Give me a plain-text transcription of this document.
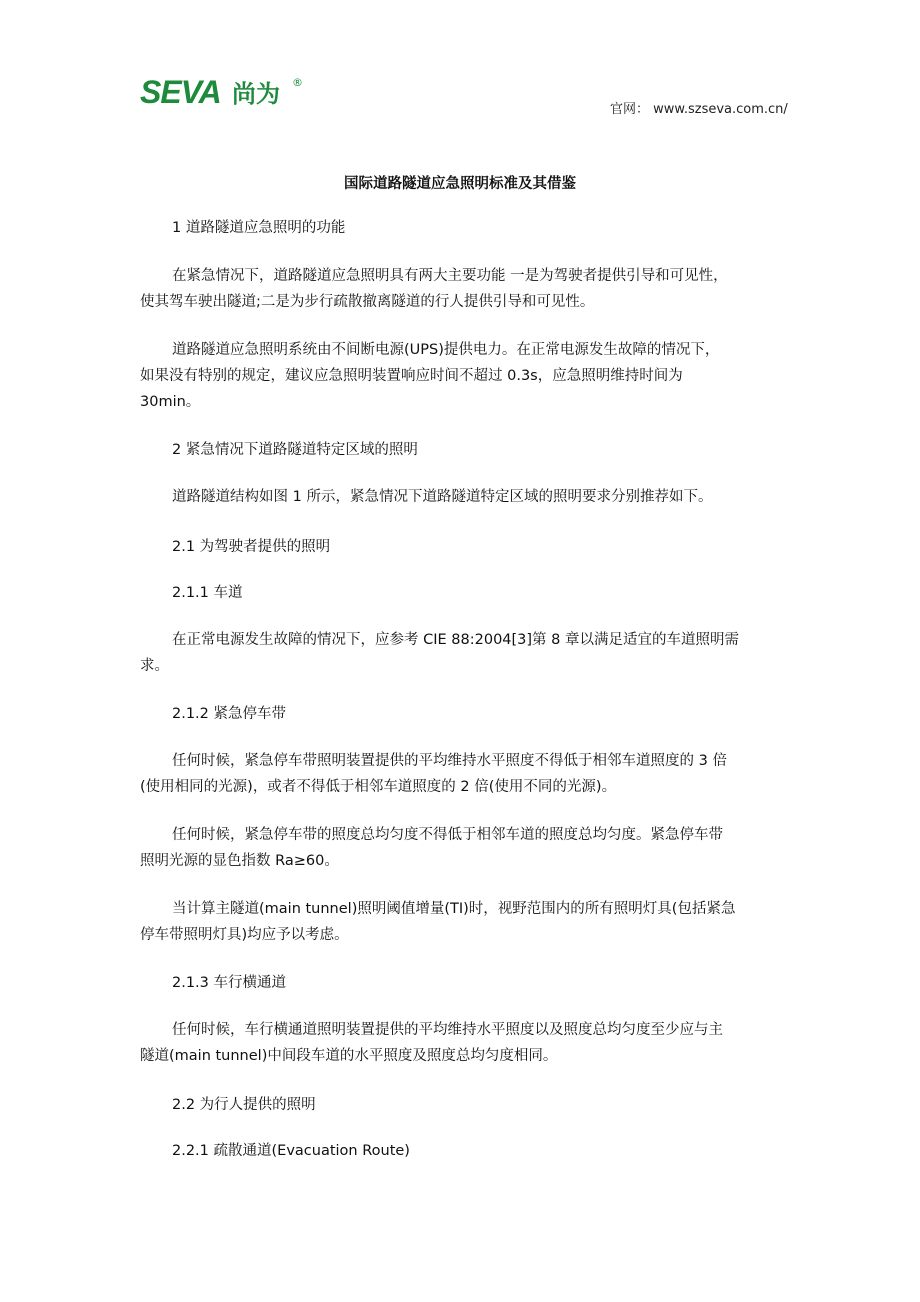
SEVA 尚为 ®
官网： www.szseva.com.cn/
国际道路隧道应急照明标准及其借鉴
1 道路隧道应急照明的功能
在紧急情况下，道路隧道应急照明具有两大主要功能 一是为驾驶者提供引导和可见性，
使其驾车驶出隧道;二是为步行疏散撤离隧道的行人提供引导和可见性。
道路隧道应急照明系统由不间断电源(UPS)提供电力。在正常电源发生故障的情况下，
如果没有特别的规定，建议应急照明装置响应时间不超过 0.3s，应急照明维持时间为
30min。
2 紧急情况下道路隧道特定区域的照明
道路隧道结构如图 1 所示，紧急情况下道路隧道特定区域的照明要求分别推荐如下。
2.1 为驾驶者提供的照明
2.1.1 车道
在正常电源发生故障的情况下，应参考 CIE 88:2004[3]第 8 章以满足适宜的车道照明需
求。
2.1.2 紧急停车带
任何时候，紧急停车带照明装置提供的平均维持水平照度不得低于相邻车道照度的 3 倍
(使用相同的光源)，或者不得低于相邻车道照度的 2 倍(使用不同的光源)。
任何时候，紧急停车带的照度总均匀度不得低于相邻车道的照度总均匀度。紧急停车带
照明光源的显色指数 Ra≥60。
当计算主隧道(main tunnel)照明阈值增量(TI)时，视野范围内的所有照明灯具(包括紧急
停车带照明灯具)均应予以考虑。
2.1.3 车行横通道
任何时候，车行横通道照明装置提供的平均维持水平照度以及照度总均匀度至少应与主
隧道(main tunnel)中间段车道的水平照度及照度总均匀度相同。
2.2 为行人提供的照明
2.2.1 疏散通道(Evacuation Route)
